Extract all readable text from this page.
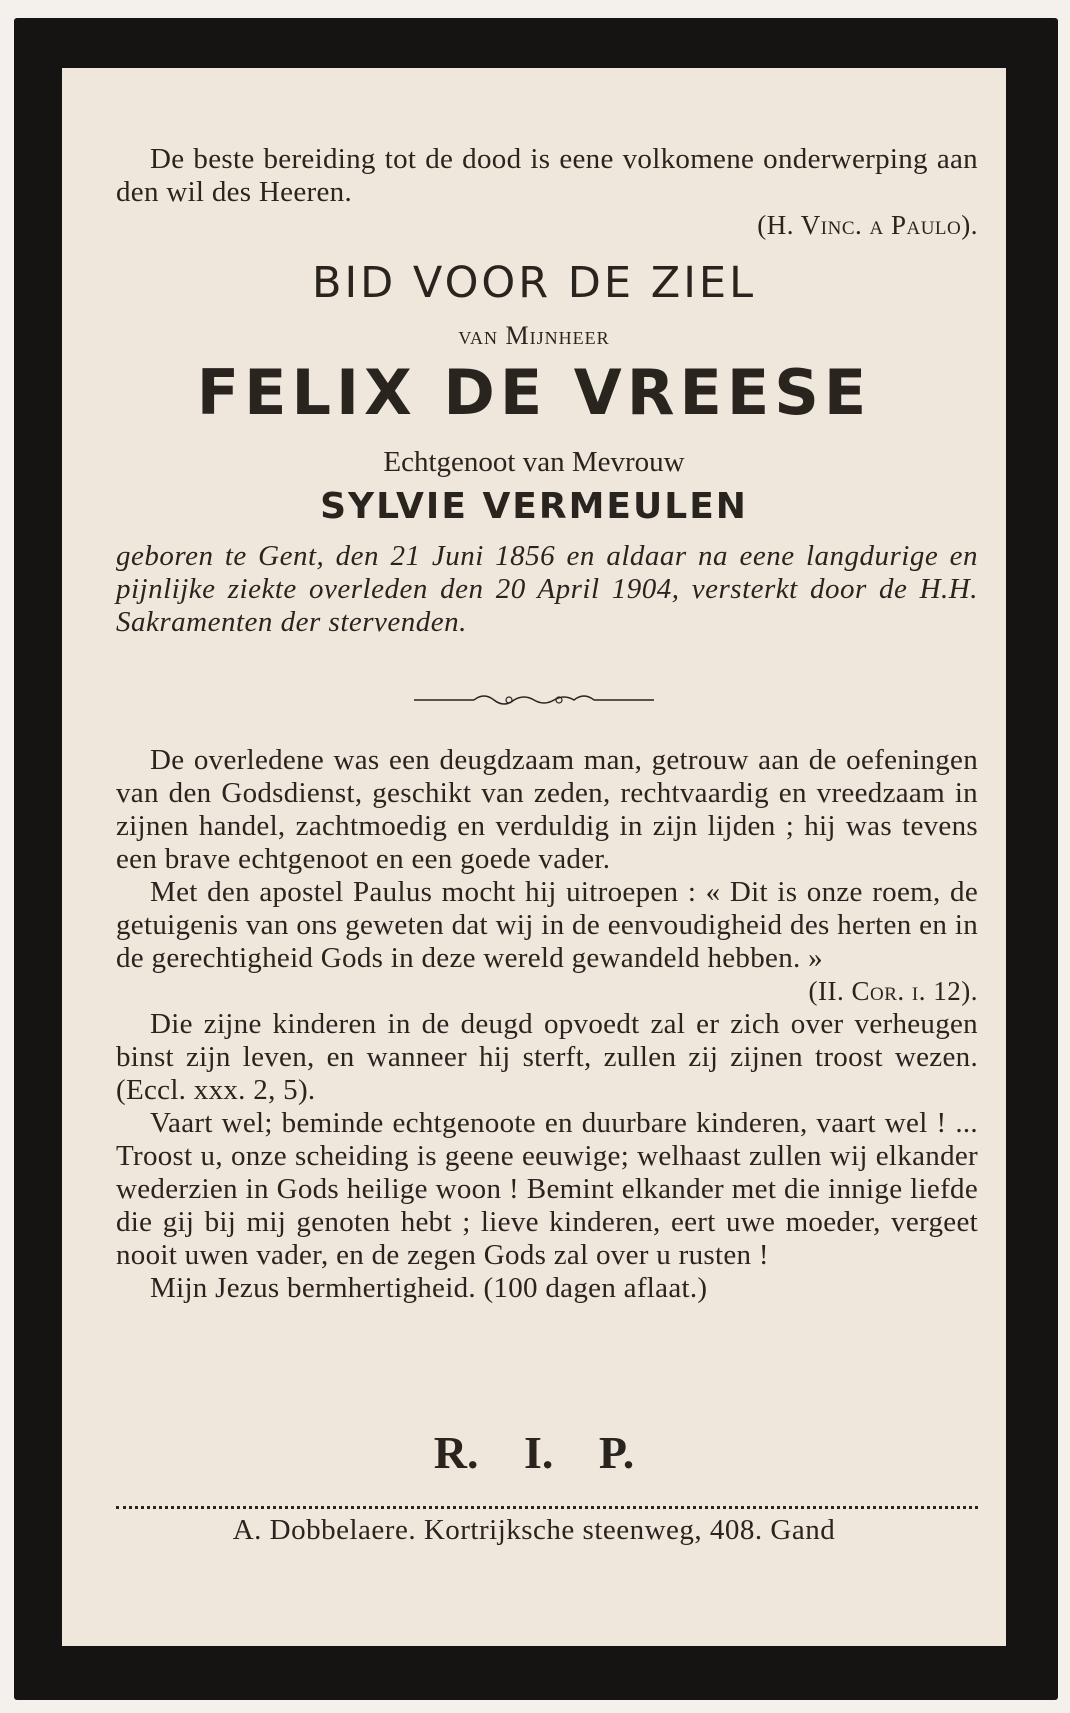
De beste bereiding tot de dood is eene volkomene onderwerping aan den wil des Heeren.

(H. Vinc. a Paulo).

BID VOOR DE ZIEL
van Mijnheer
FELIX DE VREESE
Echtgenoot van Mevrouw
SYLVIE VERMEULEN
geboren te Gent, den 21 Juni 1856 en aldaar na eene langdurige en pijnlijke ziekte overleden den 20 April 1904, versterkt door de H.H. Sakramenten der stervenden.

De overledene was een deugdzaam man, getrouw aan de oefeningen van den Godsdienst, geschikt van zeden, rechtvaardig en vreedzaam in zijnen handel, zachtmoedig en verduldig in zijn lijden ; hij was tevens een brave echtgenoot en een goede vader.

Met den apostel Paulus mocht hij uitroepen : « Dit is onze roem, de getuigenis van ons geweten dat wij in de eenvoudigheid des herten en in de gerechtigheid Gods in deze wereld gewandeld hebben. »

(II. Cor. i. 12).

Die zijne kinderen in de deugd opvoedt zal er zich over verheugen binst zijn leven, en wanneer hij sterft, zullen zij zijnen troost wezen. (Eccl. xxx. 2, 5).

Vaart wel; beminde echtgenoote en duurbare kinderen, vaart wel ! ... Troost u, onze scheiding is geene eeuwige; welhaast zullen wij elkander wederzien in Gods heilige woon ! Bemint elkander met die innige liefde die gij bij mij genoten hebt ; lieve kinderen, eert uwe moeder, vergeet nooit uwen vader, en de zegen Gods zal over u rusten !

Mijn Jezus bermhertigheid. (100 dagen aflaat.)

R. I. P.
A. Dobbelaere. Kortrijksche steenweg, 408. Gand
